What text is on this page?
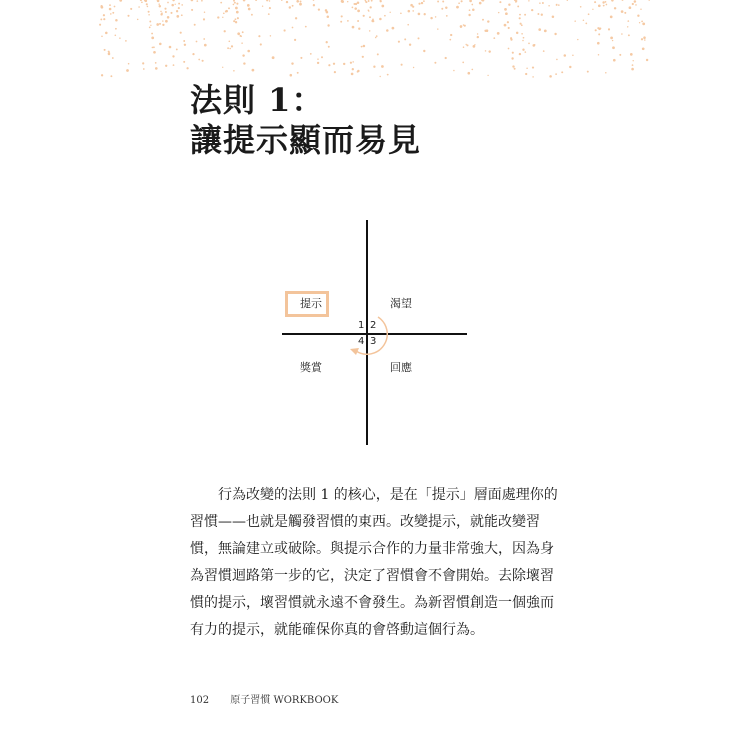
法則 1：
讓提示顯而易見
提示	渴望
獎賞	回應
1 2
3
4
行為改變的法則 1 的核心，是在「提示」層面處理你的
習慣——也就是觸發習慣的東西。改變提示，就能改變習
慣，無論建立或破除。與提示合作的力量非常強大，因為身
為習慣迴路第一步的它，決定了習慣會不會開始。去除壞習
慣的提示，壞習慣就永遠不會發生。為新習慣創造一個強而
有力的提示，就能確保你真的會啓動這個行為。
102 原子習慣 WORKBOOK
